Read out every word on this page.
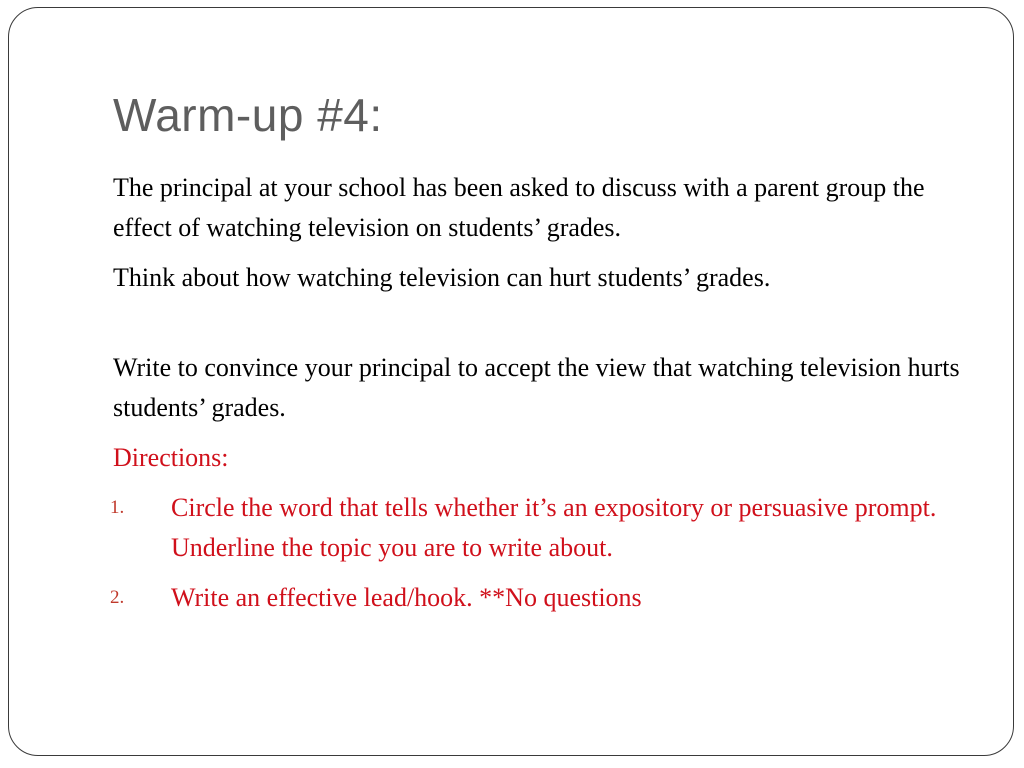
Warm-up #4:

The principal at your school has been asked to discuss with a parent group the effect of watching television on students’ grades.

Think about how watching television can hurt students’ grades.

Write to convince your principal to accept the view that watching television hurts students’ grades.

Directions:

1. Circle the word that tells whether it’s an expository or persuasive prompt. Underline the topic you are to write about.
2. Write an effective lead/hook. **No questions
